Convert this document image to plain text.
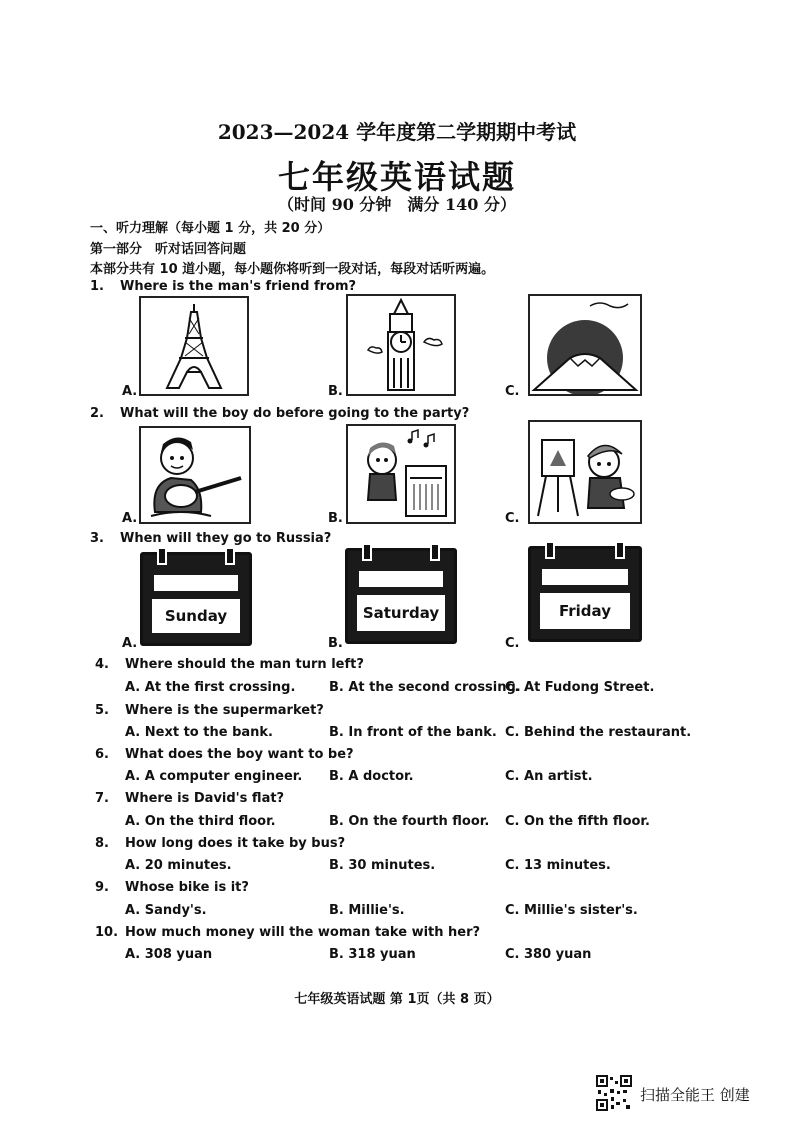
2023—2024 学年度第二学期期中考试
七年级英语试题
（时间 90 分钟　满分 140 分）
一、听力理解（每小题 1 分，共 20 分）
第一部分　听对话回答问题
本部分共有 10 道小题，每小题你将听到一段对话，每段对话听两遍。
1. Where is the man's friend from?
A.	B.	C.
2. What will the boy do before going to the party?
A.	B.	C.
3. When will they go to Russia?
A.
Sunday
B.
Saturday
C.
Friday
4. Where should the man turn left?
A. At the first crossing.	B. At the second crossing.
C. At Fudong Street.
5. Where is the supermarket?
A. Next to the bank.	B. In front of the bank. C. Behind the restaurant.
6. What does the boy want to be?
A. A computer engineer. B. A doctor.	C. An artist.
7. Where is David's flat?
A. On the third floor.	B. On the fourth floor. C. On the fifth floor.
8. How long does it take by bus?
A. 20 minutes.	B. 30 minutes.	C. 13 minutes.
9. Whose bike is it?
A. Sandy's.	B. Millie's.	C. Millie's sister's.
10. How much money will the woman take with her?
A. 308 yuan	B. 318 yuan	C. 380 yuan
七年级英语试题 第 1页（共 8 页）
扫描全能王 创建
